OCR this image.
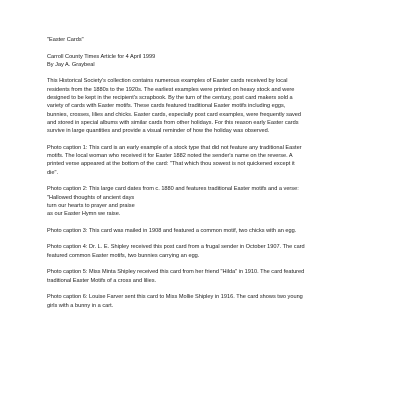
"Easter Cards"
Carroll County Times Article for 4 April 1999
By Jay A. Graybeal
This Historical Society's collection contains numerous examples of Easter cards received by local
residents from the 1880s to the 1920s. The earliest examples were printed on heavy stock and were
designed to be kept in the recipient's scrapbook. By the turn of the century, post card makers sold a
variety of cards with Easter motifs. These cards featured traditional Easter motifs including eggs,
bunnies, crosses, lilies and chicks. Easter cards, especially post card examples, were frequently saved
and stored in special albums with similar cards from other holidays. For this reason early Easter cards
survive in large quantities and provide a visual reminder of how the holiday was observed.
Photo caption 1: This card is an early example of a stock type that did not feature any traditional Easter
motifs. The local woman who received it for Easter 1882 noted the sender's name on the reverse. A
printed verse appeared at the bottom of the card: "That which thou sowest is not quickened except it
die".
Photo caption 2: This large card dates from c. 1880 and features traditional Easter motifs and a verse:
"Hallowed thoughts of ancient days
turn our hearts to prayer and praise
as our Easter Hymn we raise.
Photo caption 3: This card was mailed in 1908 and featured a common motif, two chicks with an egg.
Photo caption 4: Dr. L. E. Shipley received this post card from a frugal sender in October 1907. The card
featured common Easter motifs, two bunnies carrying an egg.
Photo caption 5: Miss Minta Shipley received this card from her friend "Hilda" in 1910. The card featured
traditional Easter Motifs of a cross and lilies.
Photo caption 6: Louise Farver sent this card to Miss Mollie Shipley in 1916. The card shows two young
girls with a bunny in a cart.
